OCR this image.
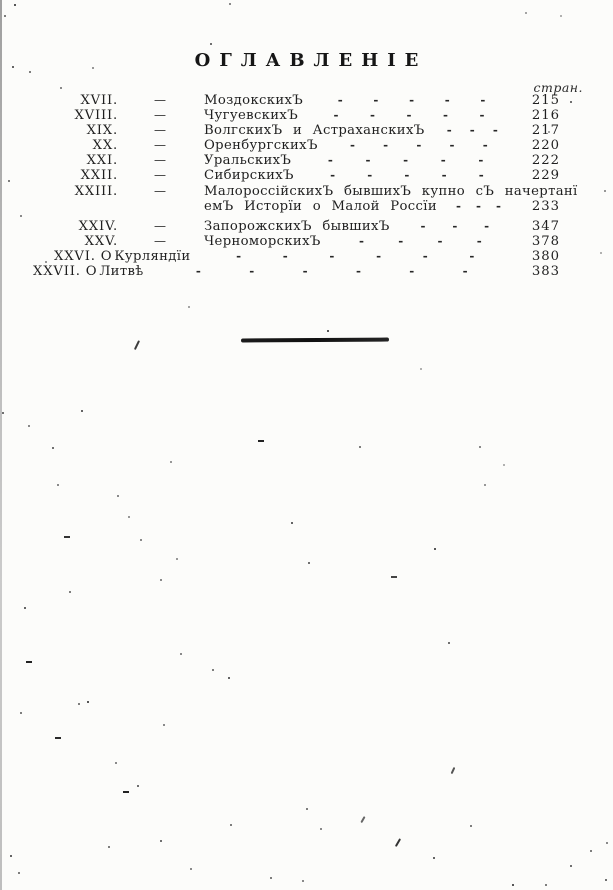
ОГЛАВЛЕНІЕ
стран.
XVII.	—	МоздокскихЪ	-	-	-	-	-	215
XVIII.	—	ЧугуевскихЪ	-	-	-	-	-	216
XIX.	—	ВолгскихЪ и АстраханскихЪ - - -	217
XX.	—	ОренбургскихЪ	- - - - -	220
XXI.	—	УральскихЪ	-	-	-	-	-	222
XXII.	—	СибирскихЪ	-	-	-	-	-	229
XXIII.	—	МалороссійскихЪ бывшихЪ купно сЪ начертанї
емЪ Исторїи о Малой Россїи - - -	233
XXIV.	—	ЗапорожскихЪ бывшихЪ	- - -	347
XXV.	—	ЧерноморскихЪ	-	-	-	-	378
XXVI. О Курляндїи	-	-	-	-	-	-	380
XXVII. О Литвѣ	-	-	-	-	-	-	383
